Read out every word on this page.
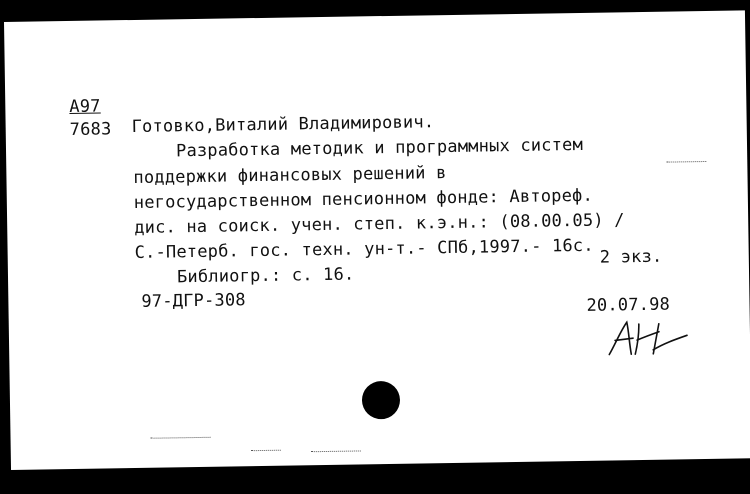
A97
7683 Готовко,Виталий Владимирович.
Разработка методик и программных систем
поддержки финансовых решений в
негосударственном пенсионном фонде: Автореф.
дис. на соиск. учен. степ. к.э.н.: (08.00.05) /
С.-Петерб. гос. техн. ун-т.- СПб,1997.- 16с. 2 экз.
Библиогр.: с. 16.
97-ДГР-308	20.07.98
